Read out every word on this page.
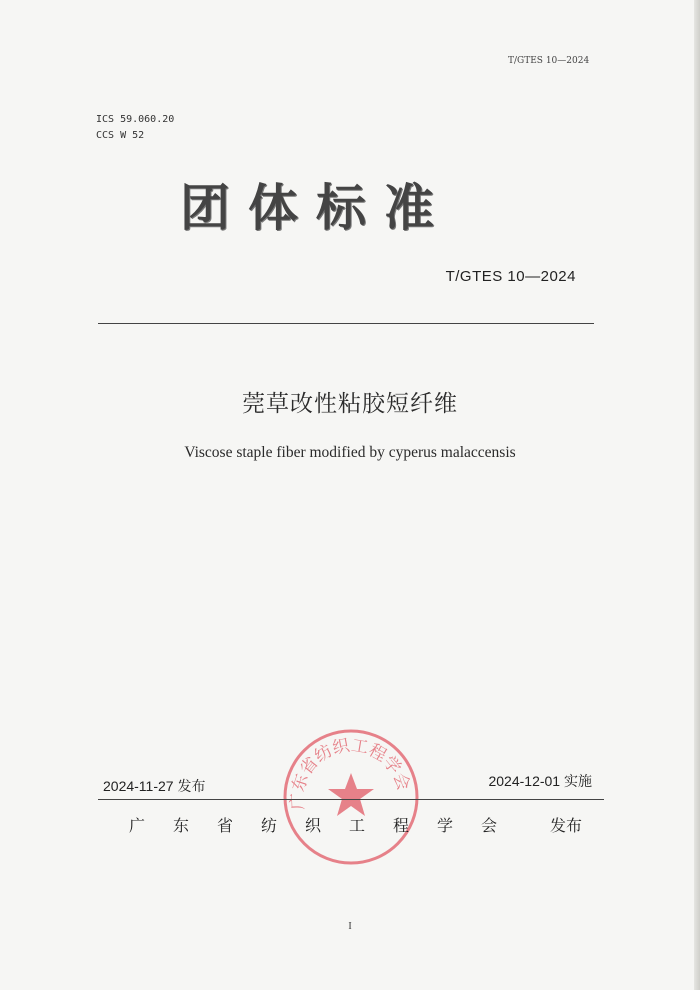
T/GTES 10—2024
ICS 59.060.20
CCS W 52
团体标准
T/GTES 10—2024
莞草改性粘胶短纤维
Viscose staple fiber modified by cyperus malaccensis
广东省纺织工程学会
2024-11-27 发布	2024-12-01 实施
广东省纺织工程学会 发布
I
